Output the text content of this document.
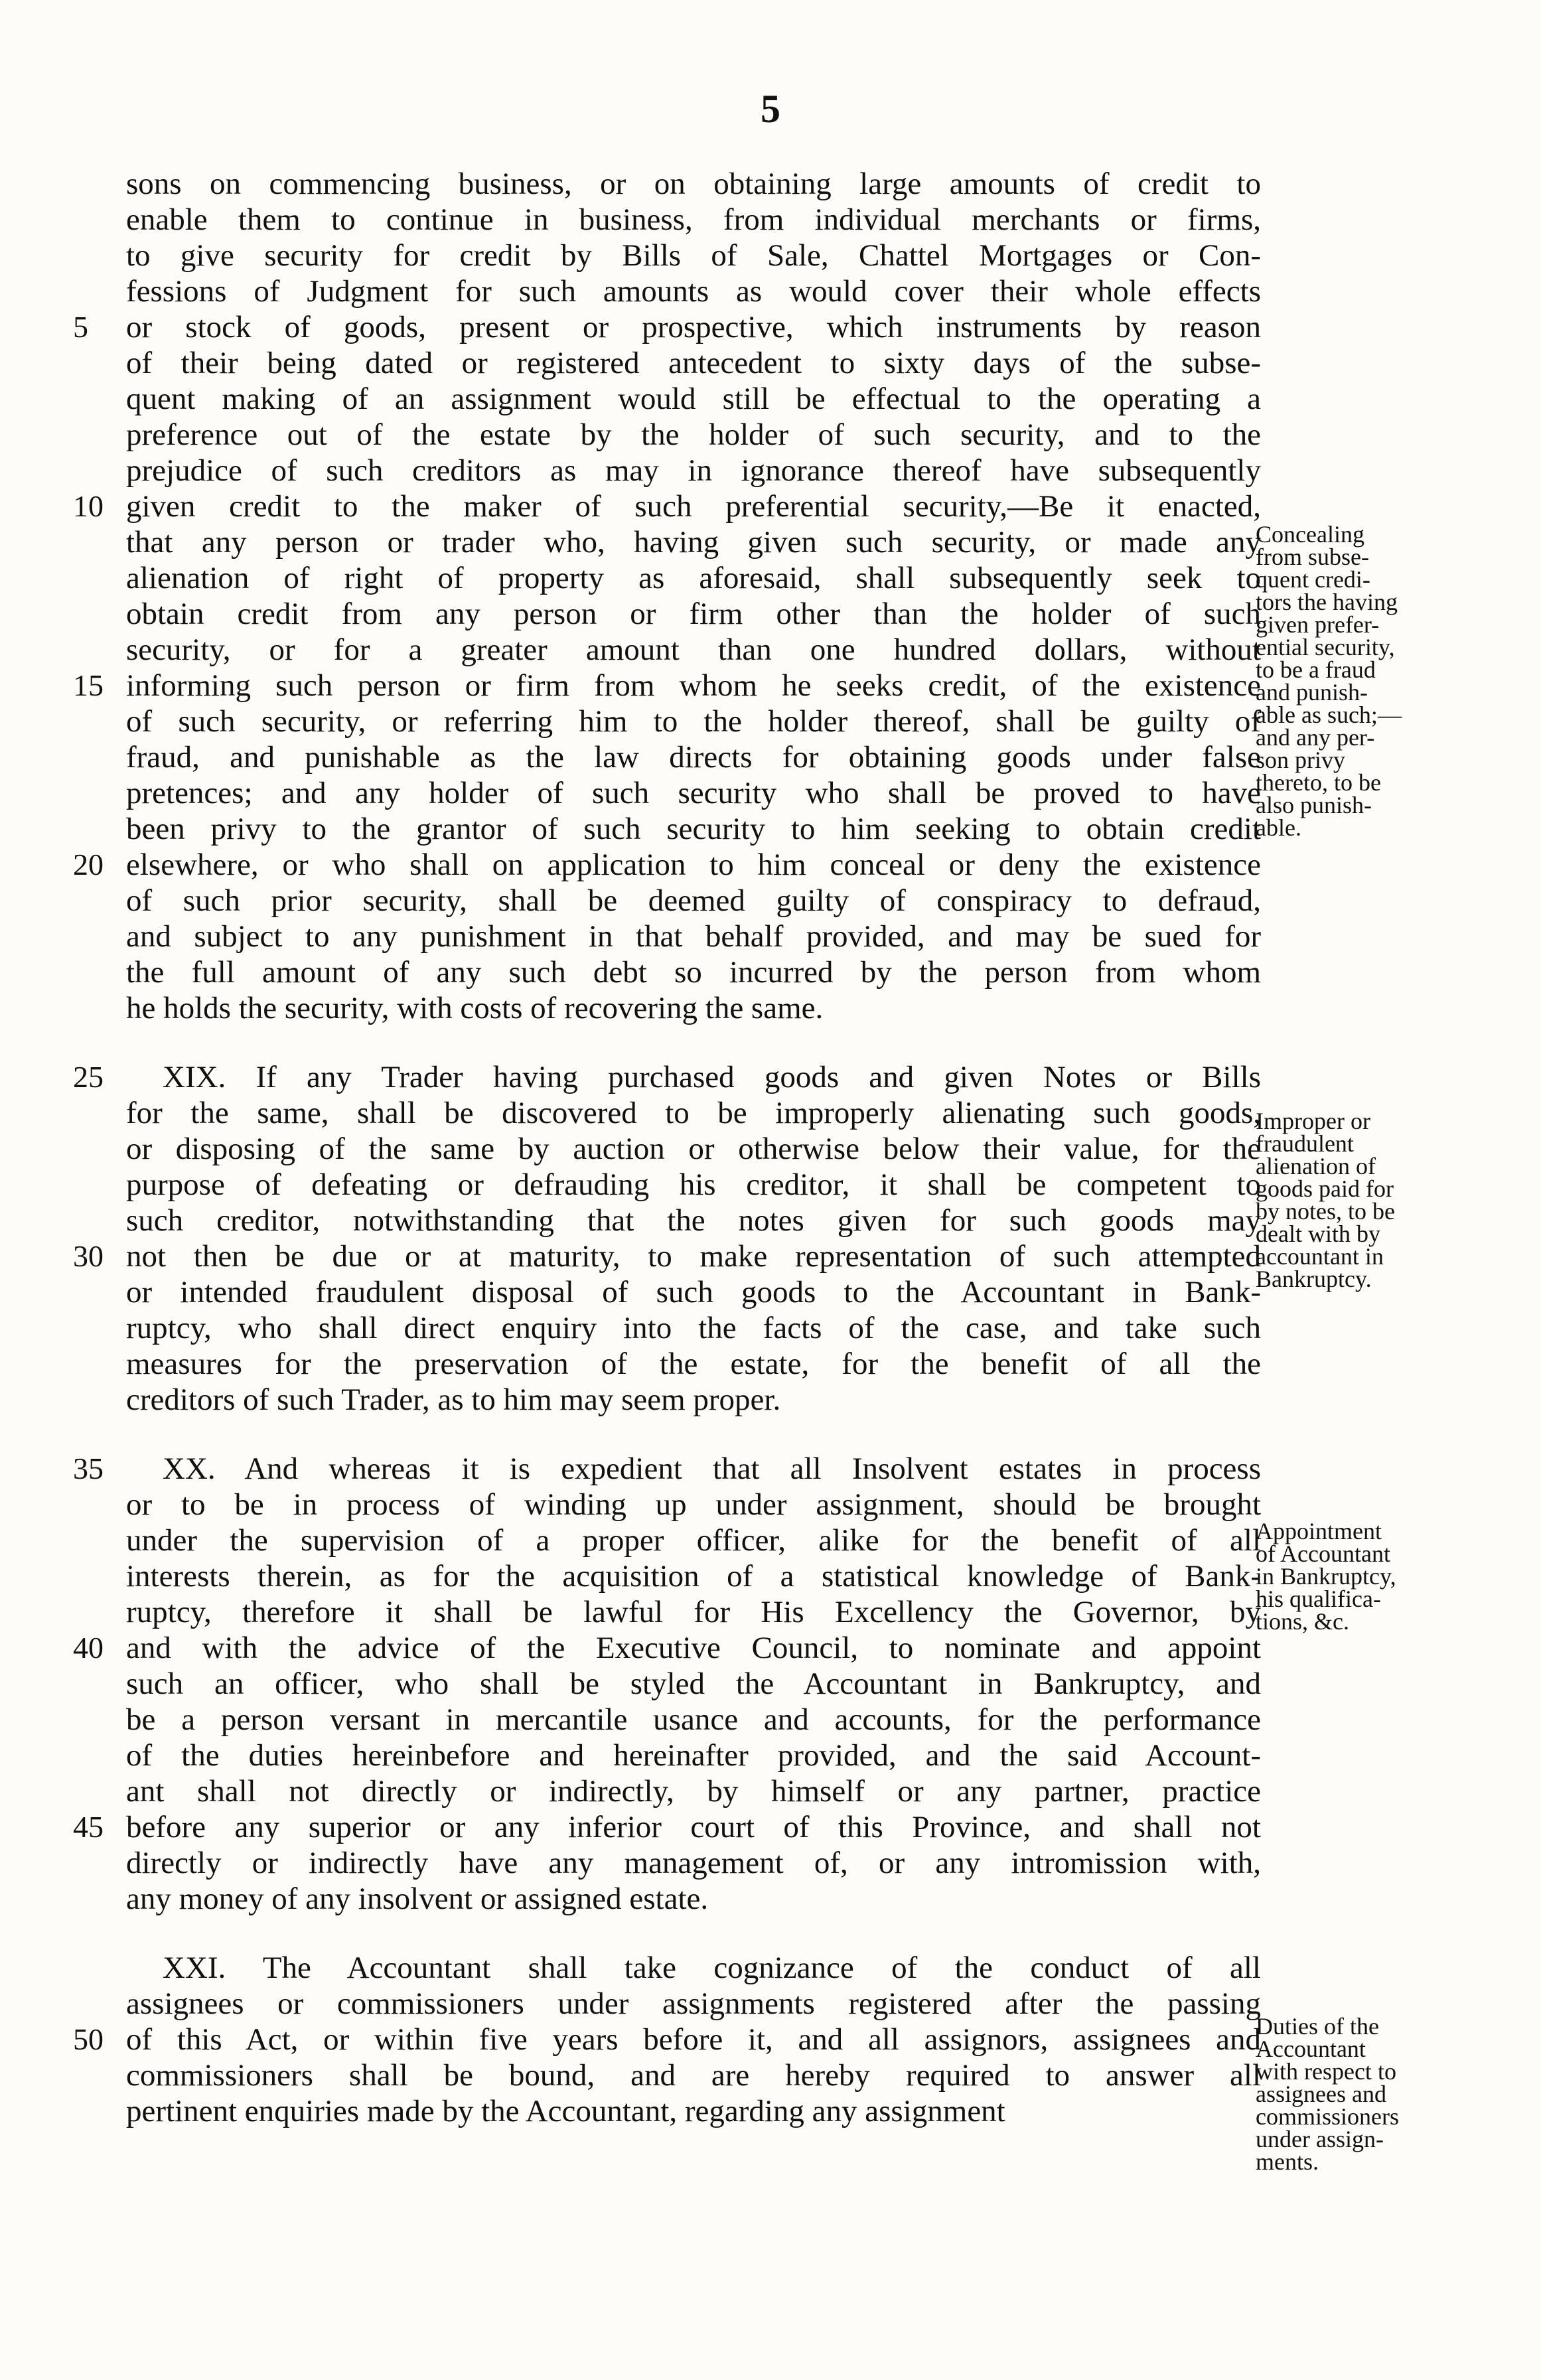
5
sons on commencing business, or on obtaining large amounts of credit to
enable them to continue in business, from individual merchants or firms,
to give security for credit by Bills of Sale, Chattel Mortgages or Con-
fessions of Judgment for such amounts as would cover their whole effects
5	or stock of goods, present or prospective, which instruments by reason
of their being dated or registered antecedent to sixty days of the subse-
quent making of an assignment would still be effectual to the operating a
preference out of the estate by the holder of such security, and to the
prejudice of such creditors as may in ignorance thereof have subsequently
10 given credit to the maker of such preferential security,—Be it enacted,
that any person or trader who, having given such security, or made any
alienation of right of property as aforesaid, shall subsequently seek to
obtain credit from any person or firm other than the holder of such
security, or for a greater amount than one hundred dollars, without
15 informing such person or firm from whom he seeks credit, of the existence
of such security, or referring him to the holder thereof, shall be guilty of
fraud, and punishable as the law directs for obtaining goods under false
pretences; and any holder of such security who shall be proved to have
been privy to the grantor of such security to him seeking to obtain credit
20 elsewhere, or who shall on application to him conceal or deny the existence
of such prior security, shall be deemed guilty of conspiracy to defraud,
and subject to any punishment in that behalf provided, and may be sued for
the full amount of any such debt so incurred by the person from whom
he holds the security, with costs of recovering the same.
25	XIX. If any Trader having purchased goods and given Notes or Bills
for the same, shall be discovered to be improperly alienating such goods,
or disposing of the same by auction or otherwise below their value, for the
purpose of defeating or defrauding his creditor, it shall be competent to
such creditor, notwithstanding that the notes given for such goods may
30 not then be due or at maturity, to make representation of such attempted
or intended fraudulent disposal of such goods to the Accountant in Bank-
ruptcy, who shall direct enquiry into the facts of the case, and take such
measures for the preservation of the estate, for the benefit of all the
creditors of such Trader, as to him may seem proper.
35	XX. And whereas it is expedient that all Insolvent estates in process
or to be in process of winding up under assignment, should be brought
under the supervision of a proper officer, alike for the benefit of all
interests therein, as for the acquisition of a statistical knowledge of Bank-
ruptcy, therefore it shall be lawful for His Excellency the Governor, by
40 and with the advice of the Executive Council, to nominate and appoint
such an officer, who shall be styled the Accountant in Bankruptcy, and
be a person versant in mercantile usance and accounts, for the performance
of the duties hereinbefore and hereinafter provided, and the said Account-
ant shall not directly or indirectly, by himself or any partner, practice
45 before any superior or any inferior court of this Province, and shall not
directly or indirectly have any management of, or any intromission with,
any money of any insolvent or assigned estate.
XXI. The Accountant shall take cognizance of the conduct of all
assignees or commissioners under assignments registered after the passing
50 of this Act, or within five years before it, and all assignors, assignees and
commissioners shall be bound, and are hereby required to answer all
pertinent enquiries made by the Accountant, regarding any assignment
Concealing
from subse-
quent credi-
tors the having
given prefer-
ential security,
to be a fraud
and punish-
able as such;—
and any per-
son privy
thereto, to be
also punish-
able.
Improper or
fraudulent
alienation of
goods paid for
by notes, to be
dealt with by
accountant in
Bankruptcy.
Appointment
of Accountant
in Bankruptcy,
his qualifica-
tions, &c.
Duties of the
Accountant
with respect to
assignees and
commissioners
under assign-
ments.
